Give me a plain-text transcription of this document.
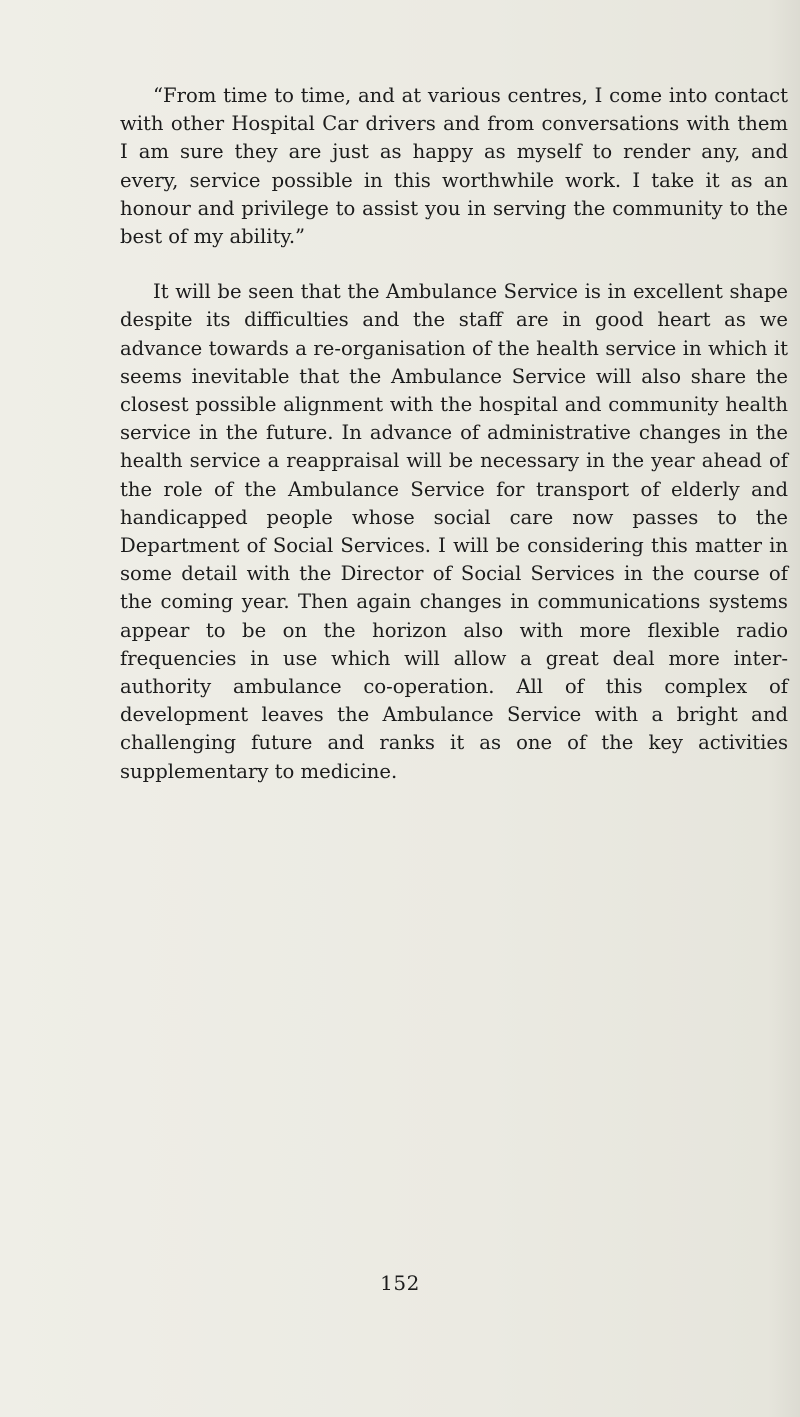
“From time to time, and at various centres, I come into contact with other Hospital Car drivers and from conversations with them I am sure they are just as happy as myself to render any, and every, service possible in this worthwhile work. I take it as an honour and privilege to assist you in serving the community to the best of my ability.”

It will be seen that the Ambulance Service is in excellent shape despite its difficulties and the staff are in good heart as we advance towards a re-organisation of the health service in which it seems inevitable that the Ambulance Service will also share the closest possible alignment with the hospital and community health service in the future. In advance of administrative changes in the health service a reappraisal will be necessary in the year ahead of the role of the Ambulance Service for transport of elderly and handicapped people whose social care now passes to the Department of Social Services. I will be considering this matter in some detail with the Director of Social Services in the course of the coming year. Then again changes in communications systems appear to be on the horizon also with more flexible radio frequencies in use which will allow a great deal more inter-authority ambulance co-operation. All of this complex of development leaves the Ambulance Service with a bright and challenging future and ranks it as one of the key activities supplementary to medicine.

152
